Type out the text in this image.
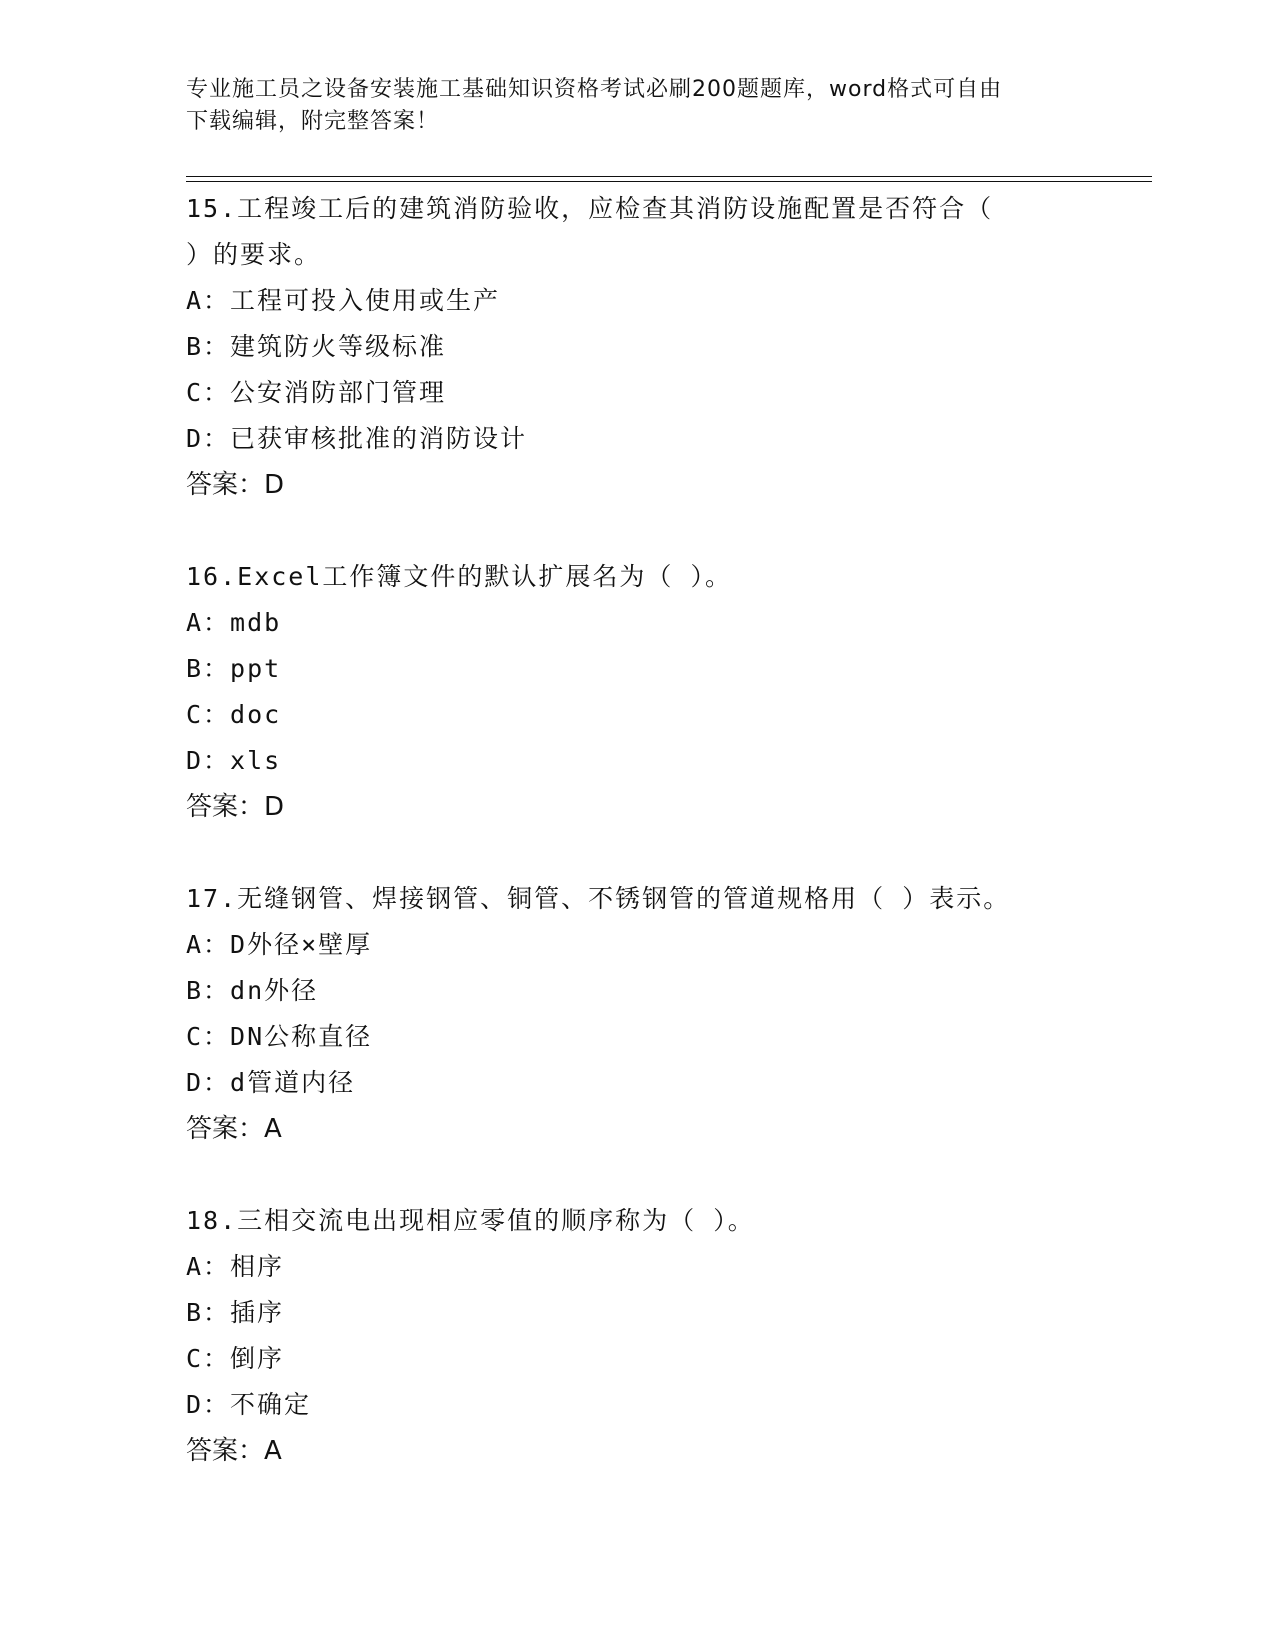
专业施工员之设备安装施工基础知识资格考试必刷200题题库，word格式可自由
下载编辑，附完整答案！

15.工程竣工后的建筑消防验收，应检查其消防设施配置是否符合（

）的要求。

A：工程可投入使用或生产

B：建筑防火等级标准

C：公安消防部门管理

D：已获审核批准的消防设计

答案：D

16.Excel工作簿文件的默认扩展名为（ ）。

A：mdb

B：ppt

C：doc

D：xls

答案：D

17.无缝钢管、焊接钢管、铜管、不锈钢管的管道规格用（ ）表示。

A：D外径×壁厚

B：dn外径

C：DN公称直径

D：d管道内径

答案：A

18.三相交流电出现相应零值的顺序称为（ ）。

A：相序

B：插序

C：倒序

D：不确定

答案：A
